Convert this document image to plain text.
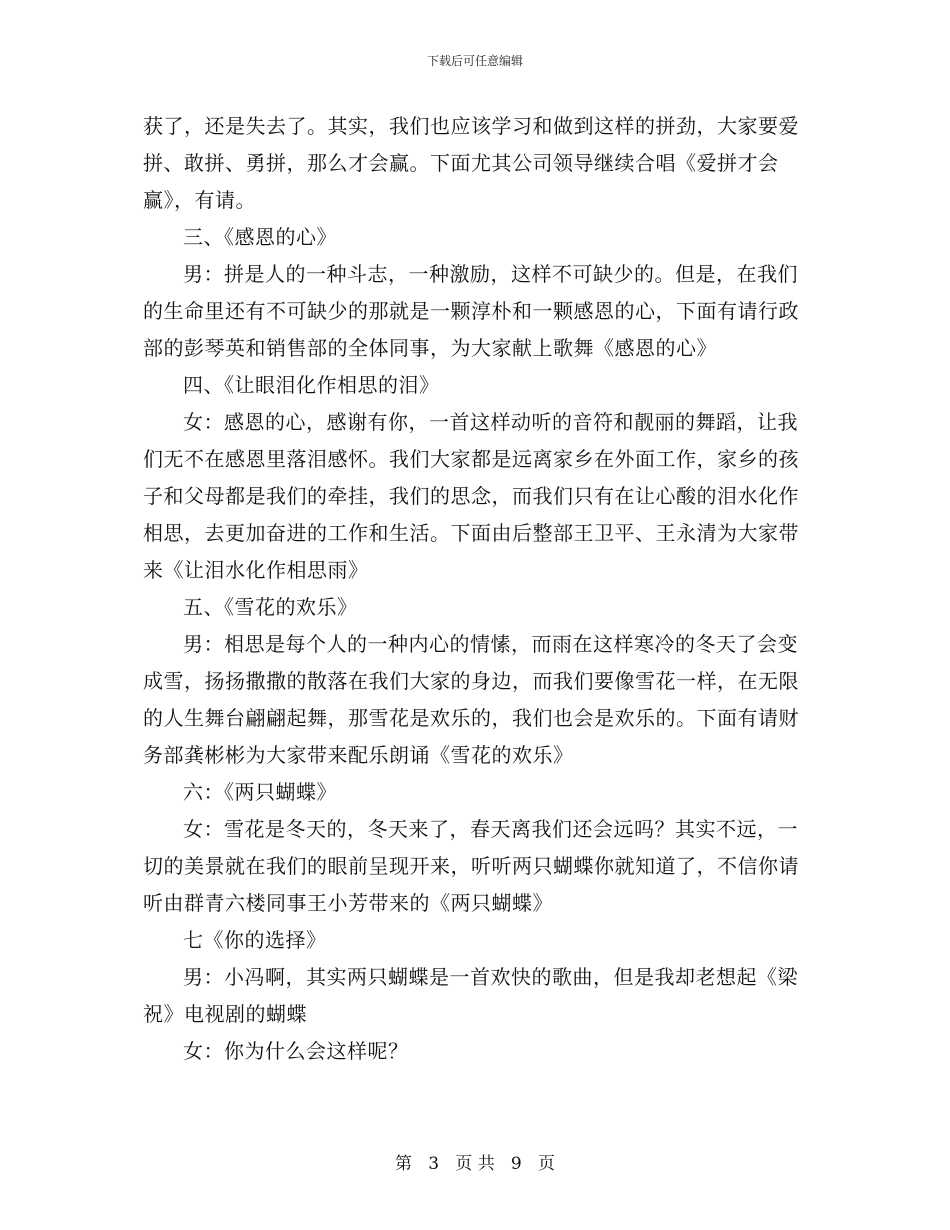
下载后可任意编辑

获了，还是失去了。其实，我们也应该学习和做到这样的拼劲，大家要爱拼、敢拼、勇拼，那么才会赢。下面尤其公司领导继续合唱《爱拼才会赢》，有请。

三、《感恩的心》

男：拼是人的一种斗志，一种激励，这样不可缺少的。但是，在我们的生命里还有不可缺少的那就是一颗淳朴和一颗感恩的心，下面有请行政部的彭琴英和销售部的全体同事，为大家献上歌舞《感恩的心》

四、《让眼泪化作相思的泪》

女：感恩的心，感谢有你，一首这样动听的音符和靓丽的舞蹈，让我们无不在感恩里落泪感怀。我们大家都是远离家乡在外面工作，家乡的孩子和父母都是我们的牵挂，我们的思念，而我们只有在让心酸的泪水化作相思，去更加奋进的工作和生活。下面由后整部王卫平、王永清为大家带来《让泪水化作相思雨》

五、《雪花的欢乐》

男：相思是每个人的一种内心的情愫，而雨在这样寒冷的冬天了会变成雪，扬扬撒撒的散落在我们大家的身边，而我们要像雪花一样，在无限的人生舞台翩翩起舞，那雪花是欢乐的，我们也会是欢乐的。下面有请财务部龚彬彬为大家带来配乐朗诵《雪花的欢乐》

六：《两只蝴蝶》

女：雪花是冬天的，冬天来了，春天离我们还会远吗？其实不远，一切的美景就在我们的眼前呈现开来，听听两只蝴蝶你就知道了，不信你请听由群青六楼同事王小芳带来的《两只蝴蝶》

七《你的选择》

男：小冯啊，其实两只蝴蝶是一首欢快的歌曲，但是我却老想起《梁祝》电视剧的蝴蝶

女：你为什么会这样呢？

第 3 页 共 9 页
